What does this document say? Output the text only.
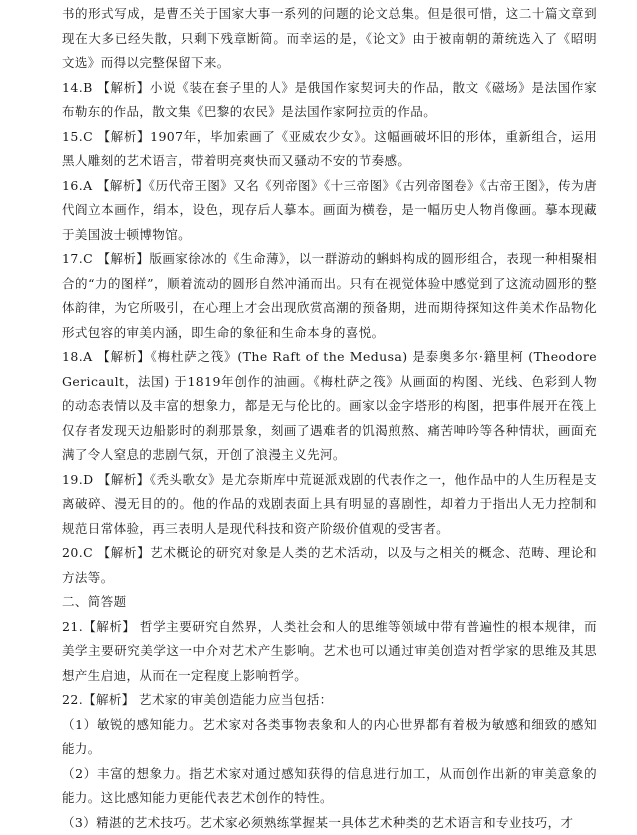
书的形式写成，是曹丕关于国家大事一系列的问题的论文总集。但是很可惜，这二十篇文章到现在大多已经失散，只剩下残章断简。而幸运的是，《论文》由于被南朝的萧统选入了《昭明文选》而得以完整保留下来。

14.B 【解析】小说《装在套子里的人》是俄国作家契诃夫的作品，散文《磁场》是法国作家布勒东的作品，散文集《巴黎的农民》是法国作家阿拉贡的作品。

15.C 【解析】1907年，毕加索画了《亚威农少女》。这幅画破坏旧的形体，重新组合，运用黑人雕刻的艺术语言，带着明亮爽快而又骚动不安的节奏感。

16.A 【解析】《历代帝王图》又名《列帝图》《十三帝图》《古列帝图卷》《古帝王图》，传为唐代阎立本画作，绢本，设色，现存后人摹本。画面为横卷，是一幅历史人物肖像画。摹本现藏于美国波士顿博物馆。

17.C 【解析】版画家徐冰的《生命薄》，以一群游动的蝌蚪构成的圆形组合，表现一种相聚相合的“力的图样”，顺着流动的圆形自然冲涌而出。只有在视觉体验中感觉到了这流动圆形的整体韵律，为它所吸引，在心理上才会出现欣赏高潮的预备期，进而期待探知这件美术作品物化形式包容的审美内涵，即生命的象征和生命本身的喜悦。

18.A 【解析】《梅杜萨之筏》(The Raft of the Medusa) 是泰奥多尔·籍里柯 (Theodore Gericault，法国) 于1819年创作的油画。《梅杜萨之筏》从画面的构图、光线、色彩到人物的动态表情以及丰富的想象力，都是无与伦比的。画家以金字塔形的构图，把事件展开在筏上仅存者发现天边船影时的刹那景象，刻画了遇难者的饥渴煎熬、痛苦呻吟等各种情状，画面充满了令人窒息的悲剧气氛，开创了浪漫主义先河。

19.D 【解析】《秃头歌女》是尤奈斯库中荒诞派戏剧的代表作之一，他作品中的人生历程是支离破碎、漫无目的的。他的作品的戏剧表面上具有明显的喜剧性，却着力于指出人无力控制和规范日常体验，再三表明人是现代科技和资产阶级价值观的受害者。

20.C 【解析】艺术概论的研究对象是人类的艺术活动，以及与之相关的概念、范畴、理论和方法等。

二、简答题

21.【解析】 哲学主要研究自然界，人类社会和人的思维等领域中带有普遍性的根本规律，而美学主要研究美学这一中介对艺术产生影响。艺术也可以通过审美创造对哲学家的思维及其思想产生启迪，从而在一定程度上影响哲学。

22.【解析】 艺术家的审美创造能力应当包括：

（1）敏锐的感知能力。艺术家对各类事物表象和人的内心世界都有着极为敏感和细致的感知能力。

（2）丰富的想象力。指艺术家对通过感知获得的信息进行加工，从而创作出新的审美意象的能力。这比感知能力更能代表艺术创作的特性。

（3）精湛的艺术技巧。艺术家必须熟练掌握某一具体艺术种类的艺术语言和专业技巧，才
